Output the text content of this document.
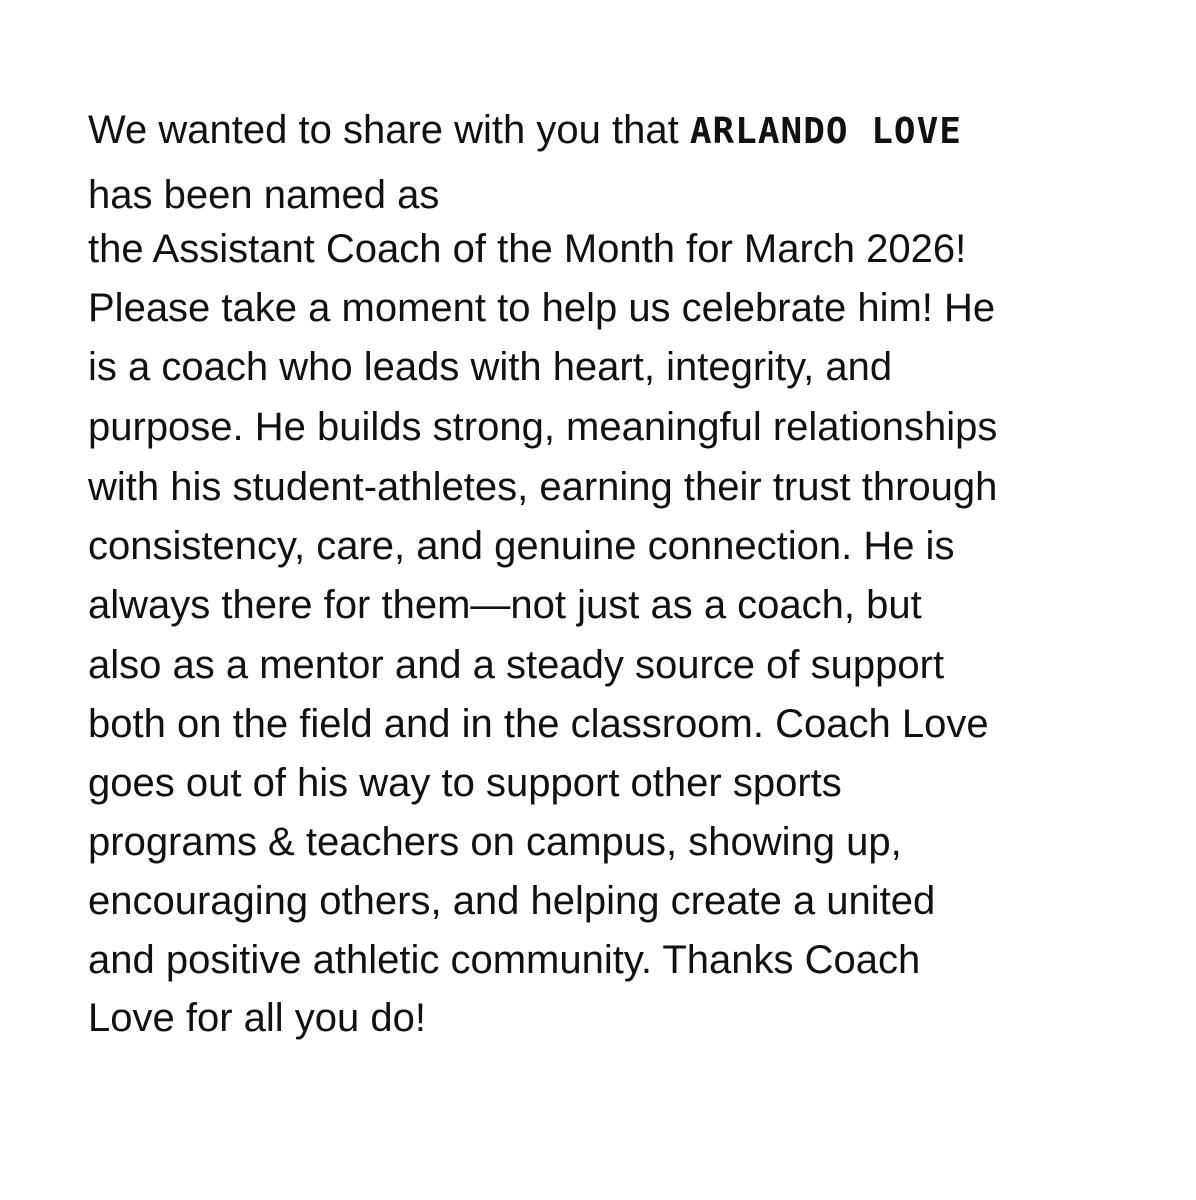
We wanted to share with you that ARLANDO LOVE

has been named as

the Assistant Coach of the Month for March 2026!

Please take a moment to help us celebrate him! He

is a coach who leads with heart, integrity, and

purpose. He builds strong, meaningful relationships

with his student-athletes, earning their trust through

consistency, care, and genuine connection. He is

always there for them—not just as a coach, but

also as a mentor and a steady source of support

both on the field and in the classroom. Coach Love

goes out of his way to support other sports

programs & teachers on campus, showing up,

encouraging others, and helping create a united

and positive athletic community. Thanks Coach

Love for all you do!
